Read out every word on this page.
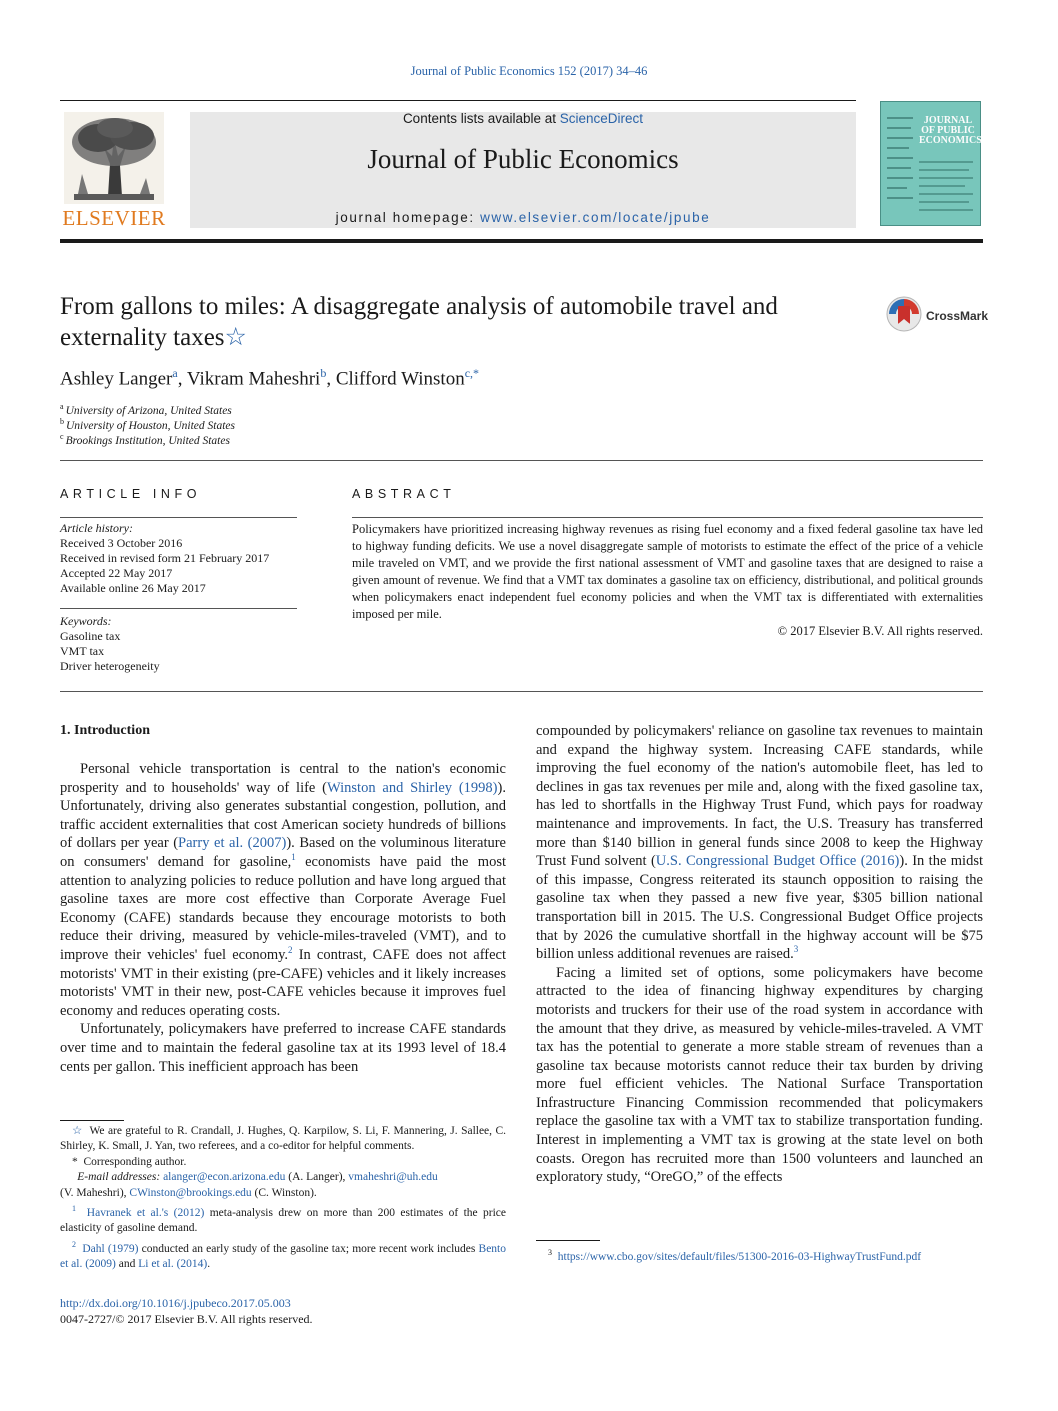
Journal of Public Economics 152 (2017) 34–46
Contents lists available at ScienceDirect
Journal of Public Economics
journal homepage: www.elsevier.com/locate/jpube
ELSEVIER
JOURNAL OF PUBLIC ECONOMICS
From gallons to miles: A disaggregate analysis of automobile travel and
externality taxes☆
CrossMark
Ashley Langer$^a$, Vikram Maheshri$^b$, Clifford Winston$^{c,*}$
$^a$ University of Arizona, United States
$^b$ University of Houston, United States
$^c$ Brookings Institution, United States
ARTICLE INFO
Article history:
Received 3 October 2016
Received in revised form 21 February 2017
Accepted 22 May 2017
Available online 26 May 2017
Keywords:
Gasoline tax
VMT tax
Driver heterogeneity
ABSTRACT
Policymakers have prioritized increasing highway revenues as rising fuel economy and a fixed federal gasoline tax have led to highway funding deficits. We use a novel disaggregate sample of motorists to estimate the effect of the price of a vehicle mile traveled on VMT, and we provide the first national assessment of VMT and gasoline taxes that are designed to raise a given amount of revenue. We find that a VMT tax dominates a gasoline tax on efficiency, distributional, and political grounds when policymakers enact independent fuel economy policies and when the VMT tax is differentiated with externalities imposed per mile.
© 2017 Elsevier B.V. All rights reserved.
1. Introduction

Personal vehicle transportation is central to the nation's economic prosperity and to households' way of life (Winston and Shirley (1998)). Unfortunately, driving also generates substantial congestion, pollution, and traffic accident externalities that cost American society hundreds of billions of dollars per year (Parry et al. (2007)). Based on the voluminous literature on consumers' demand for gasoline,$^1$ economists have paid the most attention to analyzing policies to reduce pollution and have long argued that gasoline taxes are more cost effective than Corporate Average Fuel Economy (CAFE) standards because they encourage motorists to both reduce their driving, measured by vehicle-miles-traveled (VMT), and to improve their vehicles' fuel economy.$^2$ In contrast, CAFE does not affect motorists' VMT in their existing (pre-CAFE) vehicles and it likely increases motorists' VMT in their new, post-CAFE vehicles because it improves fuel economy and reduces operating costs.

Unfortunately, policymakers have preferred to increase CAFE standards over time and to maintain the federal gasoline tax at its 1993 level of 18.4 cents per gallon. This inefficient approach has been

☆ We are grateful to R. Crandall, J. Hughes, Q. Karpilow, S. Li, F. Mannering, J. Sallee, C. Shirley, K. Small, J. Yan, two referees, and a co-editor for helpful comments.

* Corresponding author.

E-mail addresses: alanger@econ.arizona.edu (A. Langer), vmaheshri@uh.edu
(V. Maheshri), CWinston@brookings.edu (C. Winston).

$^1$ Havranek et al.'s (2012) meta-analysis drew on more than 200 estimates of the price elasticity of gasoline demand.

$^2$ Dahl (1979) conducted an early study of the gasoline tax; more recent work includes Bento et al. (2009) and Li et al. (2014).

http://dx.doi.org/10.1016/j.jpubeco.2017.05.003
0047-2727/© 2017 Elsevier B.V. All rights reserved.

compounded by policymakers' reliance on gasoline tax revenues to maintain and expand the highway system. Increasing CAFE standards, while improving the fuel economy of the nation's automobile fleet, has led to declines in gas tax revenues per mile and, along with the fixed gasoline tax, has led to shortfalls in the Highway Trust Fund, which pays for roadway maintenance and improvements. In fact, the U.S. Treasury has transferred more than $140 billion in general funds since 2008 to keep the Highway Trust Fund solvent (U.S. Congressional Budget Office (2016)). In the midst of this impasse, Congress reiterated its staunch opposition to raising the gasoline tax when they passed a new five year, $305 billion national transportation bill in 2015. The U.S. Congressional Budget Office projects that by 2026 the cumulative shortfall in the highway account will be $75 billion unless additional revenues are raised.$^3$

Facing a limited set of options, some policymakers have become attracted to the idea of financing highway expenditures by charging motorists and truckers for their use of the road system in accordance with the amount that they drive, as measured by vehicle-miles-traveled. A VMT tax has the potential to generate a more stable stream of revenues than a gasoline tax because motorists cannot reduce their tax burden by driving more fuel efficient vehicles. The National Surface Transportation Infrastructure Financing Commission recommended that policymakers replace the gasoline tax with a VMT tax to stabilize transportation funding. Interest in implementing a VMT tax is growing at the state level on both coasts. Oregon has recruited more than 1500 volunteers and launched an exploratory study, “OreGO,” of the effects

$^3$ https://www.cbo.gov/sites/default/files/51300-2016-03-HighwayTrustFund.pdf
